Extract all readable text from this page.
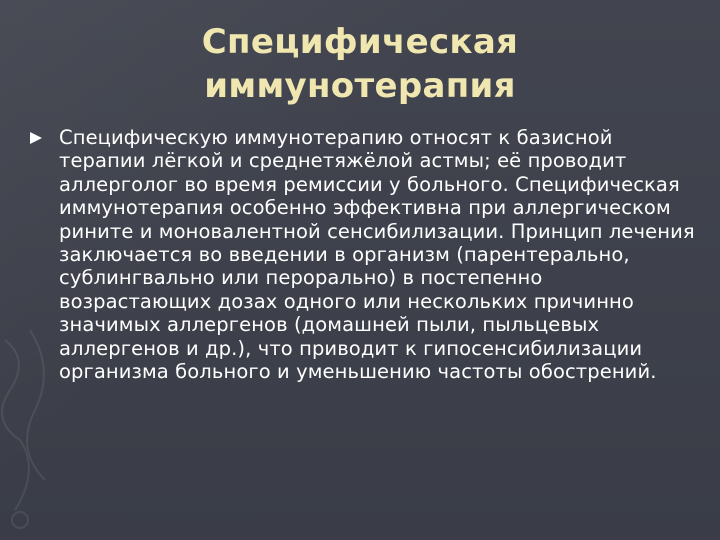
Специфическая иммунотерапия
Специфическую иммунотерапию относят к базисной терапии лёгкой и среднетяжёлой астмы; её проводит аллерголог во время ремиссии у больного. Специфическая иммунотерапия особенно эффективна при аллергическом рините и моновалентной сенсибилизации. Принцип лечения заключается во введении в организм (парентерально, сублингвально или перорально) в постепенно возрастающих дозах одного или нескольких причинно значимых аллергенов (домашней пыли, пыльцевых аллергенов и др.), что приводит к гипосенсибилизации организма больного и уменьшению частоты обострений.
